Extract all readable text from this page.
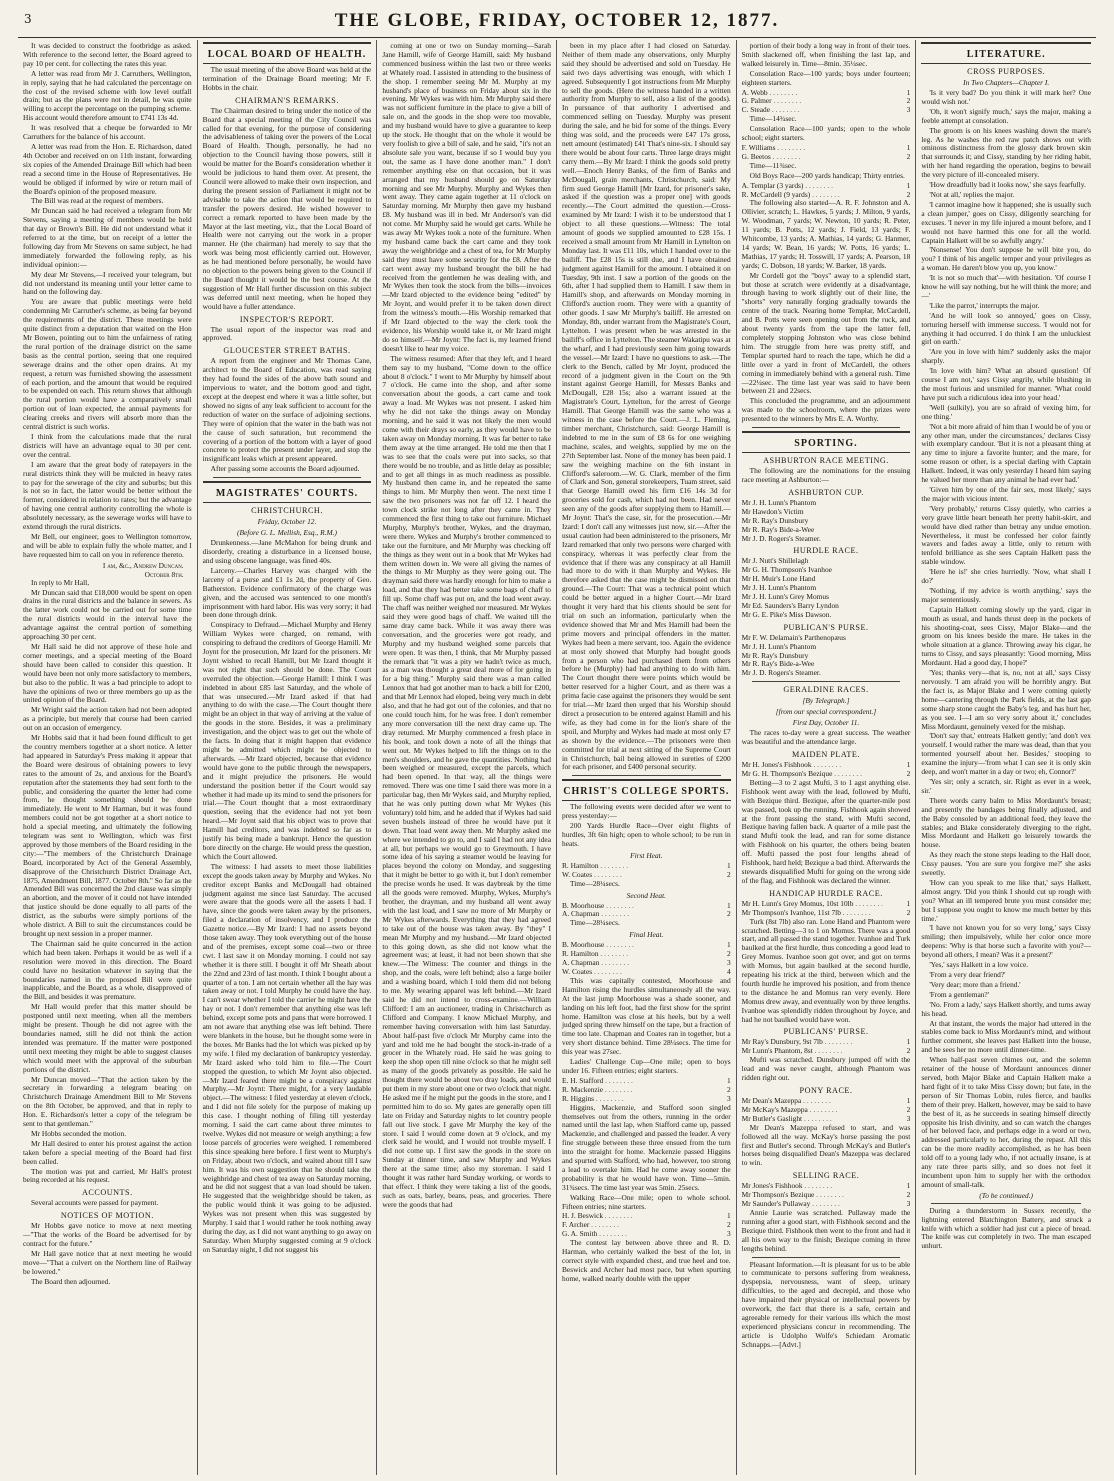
3	THE GLOBE, FRIDAY, OCTOBER 12, 1877.

It was decided to construct the footbridge as asked. With reference to the second letter, the Board agreed to pay 10 per cent. for collecting the rates this year.

A letter was read from Mr J. Carruthers, Wellington, in reply, saying that he had calculated the percentage on the cost of the revised scheme with low level outfall drain; but as the plans were not in detail, he was quite willing to accept the percentage on the pumping scheme. His account would therefore amount to £741 13s 4d.

It was resolved that a cheque be forwarded to Mr Carruthers for the balance of his account.

A letter was read from the Hon. E. Richardson, dated 4th October and received on on 11th instant, forwarding six copies of the Amended Drainage Bill which had been read a second time in the House of Representatives. He would be obliged if informed by wire or return mail of the Board's opinion of the proposed measure.

The Bill was read at the request of members.

Mr Duncan said he had received a telegram from Mr Stevens, saying a meeting of members would be held that day or Brown's Bill. He did not understand what it referred to at the time, but on receipt of a letter the following day from Mr Stevens on same subject, he had immediately forwarded the following reply, as his individual opinion:—

My dear Mr Stevens,—I received your telegram, but did not understand its meaning until your letter came to hand on the following day.

You are aware that public meetings were held condemning Mr Carruther's scheme, as being far beyond the requirements of the district. These meetings were quite distinct from a deputation that waited on the Hon Mr Bowen, pointing out to him the unfairness of rating the rural portion of the drainage district on the same basis as the central portion, seeing that one required sewerage drains and the other open drains. At my request, a return was furnished showing the assessment of each portion, and the amount that would be required to be expended on each. This return shows that although the rural portion would have a comparatively small portion out of loan expected, the annual payments for clearing creeks and rivers will absorb more than the central district is such works.

I think from the calculations made that the rural districts will have an advantage equal to 30 per cent. over the central.

I am aware that the great body of ratepayers in the rural districts think they will be mulcted in heavy rates to pay for the sewerage of the city and suburbs; but this is not so in fact, the latter would be better without the former, considered in relation to rates; but the advantage of having one central authority controlling the whole is absolutely necessary, as the sewerage works will have to extend through the rural districts.

Mr Bell, our engineer, goes to Wellington tomorrow, and will be able to explain fully the whole matter, and I have requested him to call on you in reference thereto.

I am, &c., Andrew Duncan.
October 8th.

In reply to Mr Hall,

Mr Duncan said that £18,000 would be spent on open drains in the rural districts and the balance in sewers. As the latter work could not be carried out for some time the rural districts would in the interval have the advantage against the central portion of something approaching 30 per cent.

Mr Hall said he did not approve of these hole and corner meetings, and a special meeting of the Board should have been called to consider this question. It would have been not only more satisfactory to members, but also to the public. It was a bad principle to adopt to have the opinions of two or three members go up as the united opinion of the Board.

Mr Wright said the action taken had not been adopted as a principle, but merely that course had been carried out on an occasion of emergency.

Mr Hobbs said that it had been found difficult to get the country members together at a short notice. A letter had appeared in Saturday's Press making it appear that the Board were desirous of obtaining powers to levy rates to the amount of 2s, and anxious for the Board's reputation after the statements they had sent forth to the public, and considering the quarter the letter had come from, he thought something should be done immediately. He went to Mr Harman, but it was found members could not be got together at a short notice to hold a special meeting, and ultimately the following telegram was sent to Wellington, which was first approved by those members of the Board residing in the city:—"The members of the Christchurch Drainage Board, incorporated by Act of the General Assembly, disapprove of the Christchurch District Drainage Act, 1875, Amendment Bill, 1877. October 8th." So far as the Amended Bill was concerned the 2nd clause was simply an abortion, and the mover of it could not have intended that justice should be done equally to all parts of the district, as the suburbs were simply portions of the whole district. A Bill to suit the circumstances could be brought up next session in a proper manner.

The Chairman said he quite concurred in the action which had been taken. Perhaps it would be as well if a resolution were moved in this direction. The Board could have no hesitation whatever in saying that the boundaries named in the proposed Bill were quite inapplicable, and the Board, as a whole, disapproved of the Bill, and besides it was premature.

Mr Hall would prefer that this matter should be postponed until next meeting, when all the members might be present. Though he did not agree with the boundaries named, still he did not think the action intended was premature. If the matter were postponed until next meeting they might be able to suggest clauses which would meet with the approval of the suburban portions of the district.

Mr Duncan moved—"That the action taken by the secretary in forwarding a telegram bearing on Christchurch Drainage Amendment Bill to Mr Stevens on the 8th October, be approved, and that in reply to Hon. E. Richardson's letter a copy of the telegram be sent to that gentleman."

Mr Hobbs seconded the motion.

Mr Hall desired to enter his protest against the action taken before a special meeting of the Board had first been called.

The motion was put and carried, Mr Hall's protest being recorded at his request.

ACCOUNTS.

Several accounts were passed for payment.

NOTICES OF MOTION.

Mr Hobbs gave notice to move at next meeting—"That the works of the Board be advertised for by contract for the future."

Mr Hall gave notice that at next meeting he would move—"That a culvert on the Northern line of Railway be lowered."

The Board then adjourned.

LOCAL BOARD OF HEALTH.

The usual meeting of the above Board was held at the termination of the Drainage Board meeting; Mr F. Hobbs in the chair.

CHAIRMAN'S REMARKS.

The Chairman desired to bring under the notice of the Board that a special meeting of the City Council was called for that evening, for the purpose of considering the advisableness of taking over the powers of the Local Board of Health. Though, personally, he had no objection to the Council having those powers, still it would be matter for the Board's consideration whether it would be judicious to hand them over. At present, the Council were allowed to make their own inspection, and during the present session of Parliament it might not be advisable to take the action that would be required to transfer the powers desired. He wished however to correct a remark reported to have been made by the Mayor at the last meeting, viz., that the Local Board of Health were not carrying out the work in a proper manner. He (the chairman) had merely to say that the work was being most efficiently carried out. However, as he had mentioned before personally, he would have no objection to the powers being given to the Council if the Board thought it would be the best course. At the suggestion of Mr Hall further discussion on this subject was deferred until next meeting, when he hoped they would have a fuller attendance.

INSPECTOR'S REPORT.

The usual report of the inspector was read and approved.

GLOUCESTER STREET BATHS.

A report from the engineer and Mr Thomas Cane, architect to the Board of Education, was read saying they had found the sides of the above bath sound and impervious to water, and the bottom good and tight, except at the deepest end where it was a little softer, but showed no signs of any leak sufficient to account for the reduction of water on the surface of adjoining sections. They were of opinion that the water in the bath was not the cause of such saturation, but recommend the covering of a portion of the bottom with a layer of good concrete to protect the present under layer, and stop the insignificant leaks which at present appeared.

After passing some accounts the Board adjourned.

MAGISTRATES' COURTS.
CHRISTCHURCH.
Friday, October 12.
(Before G. L. Mellish, Esq., R.M.)

Drunkenness.—Jane McMahon for being drunk and disorderly, creating a disturbance in a licensed house, and using obscene language, was fined 40s.

Larceny.—Charles Harvey was charged with the larceny of a purse and £1 1s 2d, the property of Geo. Batherston. Evidence confirmatory of the charge was given, and the accused was sentenced to one month's imprisonment with hard labor. His was very sorry; it had been done through drink.

Conspiracy to Defraud.—Michael Murphy and Henry William Wykes were charged, on remand, with conspiring to defraud the creditors of George Hamill. Mr Joynt for the prosecution, Mr Izard for the prisoners. Mr Joynt wished to recall Hamill, but Mr Izard thought it was not right that such should be done. The Court overruled the objection.—George Hamill: I think I was indebted in about £85 last Saturday, and the whole of that was unsecured.—Mr Izard asked if that had anything to do with the case.—The Court thought there might be an object in that way of arriving at the value of the goods in the store. Besides, it was a preliminary investigation, and the object was to get out the whole of the facts. In doing that it might happen that evidence might be admitted which might be objected to afterwards. —Mr Izard objected, because that evidence would have gone to the public through the newspapers, and it might prejudice the prisoners. He would understand the position better if the Court would say whether it had made up its mind to send the prisoners for trial.—The Court thought that a most extraordinary question, seeing that the evidence had not yet been heard.—Mr Joynt said that his object was to prove that Hamill had creditors, and was indebted so far as to justify his being made a bankrupt. Hence the question bore directly on the charge. He would press the question, which the Court allowed.

The witness: I had assets to meet those liabilities except the goods taken away by Murphy and Wykes. No creditor except Banks and McDougall had obtained judgment against me since last Saturday. The accused were aware that the goods were all the assets I had. I have, since the goods were taken away by the prisoners, filed a declaration of insolvency, and I produce the Gazette notice.—By Mr Izard: I had no assets beyond those taken away. They took everything out of the house and of the premises, except some coal—two or three cwt. I last saw it on Monday morning. I could not say whether it is there still. I bought it off Mr Sheath about the 22nd and 23rd of last month. I think I bought about a quarter of a ton. I am not certain whether all the hay was taken away or not. I told Murphy he could have the hay. I can't swear whether I told the carrier he might have the hay or not. I don't remember that anything else was left behind, except some pots and pans that were borrowed. I am not aware that anything else was left behind. There were blankets in the house, but he thought some were in the boxes. Mr Banks had the lot which was picked up by my wife. I filed my declaration of bankruptcy yesterday. Mr Izard asked who told him to file.—The Court stopped the question, to which Mr Joynt also objected.—Mr Izard feared there might be a conspiracy against Murphy.—Mr Joynt: There might, for a very laudable object.—The witness: I filed yesterday at eleven o'clock, and I did not file solely for the purpose of making up this case. I thought nothing of filing till yesterday morning. I said the cart came about three minutes to twelve. Wykes did not measure or weigh anything; a few loose parcels of groceries were weighed. I remembered this since speaking here before. I first went to Murphy's on Friday, about two o'clock, and waited about till I saw him. It was his own suggestion that he should take the weighbridge and chest of tea away on Saturday morning, and he did not suggest that a van load should be taken. He suggested that the weighbridge should be taken, as the public would think it was going to be adjusted. Wykes was not present when this was suggested by Murphy. I said that I would rather he took nothing away during the day, as I did not want anything to go away on Saturday. When Murphy suggested coming at 9 o'clock on Saturday night, I did not suggest his

coming at one or two on Sunday morning—Sarah Jane Hamill, wife of George Hamill, said: My husband commenced business within the last two or three weeks at Whately road. I assisted in attending to the business of the shop. I remember seeing Mr M. Murphy at my husband's place of business on Friday about six in the evening. Mr Wykes was with him. Mr Murphy said there was not sufficient furniture in the place to give a bill of sale on, and the goods in the shop were too movable, and my husband would have to give a guarantee to keep up the stock. He thought that on the whole it would be very foolish to give a bill of sale, and he said, "it's not an absolute sale you want, because if so I would buy you out, the same as I have done another man." I don't remember anything else on that occasion, but it was arranged that my husband should go on Saturday morning and see Mr Murphy. Murphy and Wykes then went away. They came again together at 11 o'clock on Saturday morning. Mr Murphy then gave my husband £8. My husband was ill in bed. Mr Anderson's van did not come. Mr Murphy said he would get carts. While he was away Mr Wykes took a note of the furniture. When my husband came back the cart came and they took away the weighbridge and a chest of tea, for Mr Murphy said they must have some security for the £8. After the cart went away my husband brought the bill he had received from the gentlemen he was dealing with, and Mr Wykes then took the stock from the bills—invoices—Mr Izard objected to the evidence being "edited" by Mr Joynt, and would prefer it to be taken down direct from the witness's mouth.—His Worship remarked that if Mr Izard objected to the way the clerk took the evidence, his Worship would take it, or Mr Izard might do so himself.—Mr Joynt: The fact is, my learned friend doesn't like to hear my voice.

The witness resumed: After that they left, and I heard them say to my husband, "Come down to the office about 8 o'clock." I went to Mr Murphy by himself about 7 o'clock. He came into the shop, and after some conversation about the goods, a cart came and took away a load. Mr Wykes was not present. I asked him why he did not take the things away on Monday morning, and he said it was not likely the men would come with their drays so early, as they would have to be taken away on Monday morning. It was far better to take them away at the time arranged. He told me then that I was to see that the coals were put into sacks, so that there would be no trouble, and as little delay as possible; and to get all things in as much readiness as possible. My husband then came in, and he repeated the same things to him. Mr Murphy then went. The next time I saw the two prisoners was not far off 12. I heard the town clock strike not long after they came in. They commenced the first thing to take out furniture. Michael Murphy, Murphy's brother, Wykes, and the drayman, were there. Wykes and Murphy's brother commenced to take out the furniture, and Mr Murphy was checking off the things as they went out in a book that Mr Wykes had them written down in. We were all giving the names of the things to Mr Murphy as they were going out. The drayman said there was hardly enough for him to make a load, and that they had better take some bags of chaff to fill up. Some chaff was put on, and the load went away. The chaff was neither weighed nor measured. Mr Wykes said they were good bags of chaff. We waited till the same dray came back. While it was away there was conversation, and the groceries were got ready, and Murphy and my husband weighed some parcels that were open. It was then, I think, that Mr Murphy passed the remark that "it was a pity we hadn't twice as much, as a man was thought a great deal more of for going in for a big thing." Murphy said there was a man called Lennox that had got another man to back a bill for £200, and that Mr Lennox had eloped, being very much in debt also, and that he had got out of the colonies, and that no one could touch him, for he was free. I don't remember any more conversation till the next dray came up. The dray returned. Mr Murphy commenced a fresh place in his book, and took down a note of all the things that went out. Mr Wykes helped to lift the things on to the men's shoulders, and he gave the quantities. Nothing had been weighed or measured, except the parcels, which had been opened. In that way, all the things were removed. There was one time I said there was more in a particular bag, then Mr Wykes said, and Murphy replied, that he was only putting down what Mr Wykes (his voluntary) told him, and he added that if Wykes had said seven bushels instead of three he would have put it down. That load went away then. Mr Murphy asked me where we intended to go to, and I said I had not any idea at all, but perhaps we would go to Greymouth. I have some idea of his saying a steamer would be leaving for places beyond the colony on Monday, and suggesting that it might be better to go with it, but I don't remember the precise words he used. It was daybreak by the time all the goods were removed. Murphy, Wykes, Murphy's brother, the drayman, and my husband all went away with the last load, and I saw no more of Mr Murphy or Mr Wykes afterwards. Everything that they had agreed to take out of the house was taken away. By "they" I mean Mr Murphy and my husband.—Mr Izard objected to this going down, as she did not know what the agreement was; at least, it had not been shown that she knew.—The Witness: The counter and things in the shop, and the coals, were left behind; also a large boiler and a washing board, which I told them did not belong to me. My wearing apparel was left behind.—Mr Izard said he did not intend to cross-examine.—William Clifford: I am an auctioneer, trading in Christchurch as Clifford and Company. I know Michael Murphy, and remember having conversation with him last Saturday. About half-past five o'clock Mr Murphy came into the yard and told me he had bought the stock-in-trade of a grocer in the Whately road. He said he was going to keep the shop open till nine o'clock so that he might sell as many of the goods privately as possible. He said he thought there would be about two dray loads, and would put them in my store about one or two o'clock that night. He asked me if he might put the goods in the store, and I permitted him to do so. My gates are generally open till late on Friday and Saturday nights to let country people fall out live stock. I gave Mr Murphy the key of the store. I said I would come down at 9 o'clock, and my clerk said he would, and I would not trouble myself. I did not come up. I first saw the goods in the store on Sunday at dinner time, and saw Murphy and Wykes there at the same time; also my storeman. I said I thought it was rather hard Sunday working, or words to that effect. I think they were taking a list of the goods, such as oats, barley, beans, peas, and groceries. There were the goods that had

been in my place after I had closed on Saturday. Neither of them made any observations, only Murphy said they should be advertised and sold on Tuesday. He said two days advertising was enough, with which I agreed. Subsequently I got instructions from Mr Murphy to sell the goods. (Here the witness handed in a written authority from Murphy to sell, also a list of the goods). In pursuance of that authority I advertised and commenced selling on Tuesday. Murphy was present during the sale, and he bid for some of the things. Every thing was sold, and the proceeds were £47 17s gross, nett amount (estimated) £41 That's nine-six. I should say there would be about four carts. Three large drays might carry them.—By Mr Izard: I think the goods sold pretty well.—Enoch Henry Banks, of the firm of Banks and McDougall, grain merchants, Christchurch, said: My firm sued George Hamill [Mr Izard, for prisoner's sake, asked if the question was a proper one] with goods recently.—The Court admitted the question.—Cross-examined by Mr Izard: I wish it to be understood that I object to all these questions.—Witness: The total amount of goods we supplied amounted to £28 15s. I received a small amount from Mr Hamill in Lyttelton on Monday last. It was £11 10s, which I handed over to the bailiff. The £28 15s is still due, and I have obtained judgment against Hamill for the amount. I obtained it on Tuesday, 9th inst. I saw a portion of the goods on the 6th, after I had supplied them to Hamill. I saw them in Hamill's shop, and afterwards on Monday morning in Clifford's auction room. They were with a quantity of other goods. I saw Mr Murphy's bailiff. He arrested on Monday, 8th, under warrant from the Magistrate's Court, Lyttelton. I was present when he was arrested in the bailiff's office in Lyttelton. The steamer Wakatipu was at the wharf, and I had previously seen him going towards the vessel.—Mr Izard: I have no questions to ask.—The clerk to the Bench, called by Mr Joynt, produced the record of a judgment given in the Court on the 9th instant against George Hamill, for Messrs Banks and McDougall, £28 15s; also a warrant issued at the Magistrate's Court, Lyttelton, for the arrest of George Hamill. That George Hamill was the same who was a witness in the case before the Court.—J. L. Fleming, timber merchant, Christchurch, said: George Hamill is indebted to me in the sum of £8 6s for one weighing machine, scales, and weights, supplied by me on the 27th September last. None of the money has been paid. I saw the weighing machine on the 6th instant in Clifford's saleroom.—W. G. Clark, member of the firm of Clark and Son, general storekeepers, Tuam street, said that George Hamill owed his firm £16 14s 3d for groceries sold for cash, which had not been. Had never seen any of the goods after supplying them to Hamill.—Mr Joynt: That's the case, sir, for the prosecution.—Mr Izard: I don't call any witnesses just now, sir.—After the usual caution had been administered to the prisoners, Mr Izard remarked that only two persons were charged with conspiracy, whereas it was perfectly clear from the evidence that if there was any conspiracy at all Hamill had more to do with it than Murphy and Wykes. He therefore asked that the case might be dismissed on that ground.—The Court: That was a technical point which could be better argued in a higher Court.—Mr Izard thought it very hard that his clients should be sent for trial on such an information, particularly when the evidence showed that Mr and Mrs Hamill had been the prime movers and principal offenders in the matter. Wykes had been a mere servant, too. Again the evidence at most only showed that Murphy had bought goods from a person who had purchased them from others before he (Murphy) had had anything to do with him. The Court thought there were points which would be better reserved for a higher Court, and as there was a prima facie case against the prisoners they would be sent for trial.—Mr Izard then urged that his Worship should direct a prosecution to be entered against Hamill and his wife, as they had come in for the lion's share of the spoil, and Murphy and Wykes had made at most only £7 as shown by the evidence.—The prisoners were then committed for trial at next sitting of the Supreme Court in Christchurch, bail being allowed in sureties of £200 for each prisoner, and £400 personal security.

CHRIST'S COLLEGE SPORTS.

The following events were decided after we went to press yesterday:—

200 Yards Hurdle Race—Over eight flights of hurdles, 3ft 6in high; open to whole school; to be run in heats.

First Heat.
R. Hamilton . . .	1
W. Coates . . .	2

Time—28¼secs.

Second Heat.
B. Moorhouse . . .	1
A. Chapman . . .	2

Time—28¼secs.

Final Heat.
B. Moorhouse . . .	1
R. Hamilton . . .	2
A. Chapman . . .	3
W. Coates . . .	4

This was capitally contested, Moorhouse and Hamilton rising the hurdles simultaneously all the way. At the last jump Moorhouse was a shade sooner, and landing on his left foot, had the first show for the sprint home. Hamilton was close at his heels, but by a well judged spring threw himself on the tape, but a fraction of time too late. Chapman and Coates ran in together, but a very short distance behind. Time 28¼secs. The time for this year was 27sec.

Ladies' Challenge Cup—One mile; open to boys under 16. Fifteen entries; eight starters.

E. H. Stafford . . .	1
R. Mackenzie . . .	2
R. Higgins . . .	3

Higgins, Mackenzie, and Stafford soon singled themselves out from the others, running in the order named until the last lap, when Stafford came up, passed Mackenzie, and challenged and passed the leader. A very fine struggle between these three ensued from the turn into the straight for home. Mackenzie passed Higgins and spurted with Stafford, who had, however, too strong a lead to overtake him. Had he come away sooner the probability is that he would have won. Time—5min. 31¾secs. The time last year was 5min. 25secs.

Walking Race—One mile; open to whole school. Fifteen entries; nine starters.

H. J. Beswick . . .	1
F. Archer . . .	2
G. A. Smith . . .	3

The contest lay between above three and R. D. Harman, who certainly walked the best of the lot, in correct style with expanded chest, and true heel and toe. Beswick and Archer had most pace, but when spurting home, walked nearly double with the upper

portion of their body a long way in front of their toes. Smith slackened off, when finishing the last lap, and walked leisurely in. Time—8min. 35¼sec.

Consolation Race—100 yards; boys under fourteen; eighteen starters.

A. Webb . . .	1
G. Palmer . . .	2
C. Steade . . .	3

Time—14¾sec.

Consolation Race—100 yards; open to the whole school; eight starters.

F. Williams . . .	1
G. Beetos . . .	2

Time—11¾sec.

Old Boys Race—200 yards handicap; Thirty entries.

A. Templar (3 yards) . . .	1
R. McCardell (9 yards) . . .	2

The following also started—A. R. F. Johnston and A. Ollivier, scratch; L. Hawkes, 5 yards; J. Milton, 9 yards, W. Woodman, 7 yards; W. Newton, 10 yards; R. Peter, 11 yards; B. Potts, 12 yards; J. Field, 13 yards; F. Whitcombe, 13 yards; A. Mathias, 14 yards; G. Hanmer, 14 yards; W. Bean, 16 yards; W. Potts, 16 yards; L. Mathias, 17 yards; H. Tosswill, 17 yards; A. Pearson, 18 yards; C. Dobson, 18 yards; W. Barker, 18 yards.

Mr Cordell got the "boys" away to a splendid start, but those at scratch were evidently at a disadvantage, through having to work slightly out of their line, the "shorts" very naturally forging gradually towards the centre of the track. Nearing home Templar, McCardell, and B. Potts were seen opening out from the ruck, and about twenty yards from the tape the latter fell, completely stopping Johnston who was close behind him. The struggle from here was pretty stiff, and Templar spurted hard to reach the tape, which he did a little over a yard in front of McCardell, the others coming in immediately behind with a general rush. Time—22¼sec. The time last year was said to have been between 21 and 22secs.

This concluded the programme, and an adjournment was made to the schoolroom, where the prizes were presented to the winners by Mrs E. A. Worthy.

SPORTING.
ASHBURTON RACE MEETING.

The following are the nominations for the ensuing race meeting at Ashburton:—

ASHBURTON CUP.
Mr J. H. Lunn's Phantom
Mr Hawdon's Victim
Mr R. Ray's Dunsbury
Mr R. Ray's Bide-a-Wee
Mr J. D. Rogers's Steamer.
HURDLE RACE.
Mr J. Nutt's Shillelagh
Mr G. H. Thompson's Ivanhoe
Mr H. Muir's Lone Hand
Mr J. H. Lunn's Phantom
Mr J. H. Lunn's Grey Momus
Mr Ed. Saunders's Barry Lyndon
Mr G. E. Pike's Miss Dawson.
PUBLICAN'S PURSE.
Mr F. W. Delamain's Parthenopæus
Mr J. H. Lunn's Phantom
Mr R. Ray's Dunsbury
Mr R. Ray's Bide-a-Wee
Mr J. D. Rogers's Steamer.
GERALDINE RACES.
[By Telegraph.]
[from our special correspondent.]
First Day, October 11.

The races to-day were a great success. The weather was beautiful and the attendance large.

MAIDEN PLATE.
Mr H. Jones's Fishhook . . .	1
Mr G. H. Thompson's Bezique . . .	2

Betting—3 to 2 agst Mufti, 3 to 1 agst anything else. Fishhook went away with the lead, followed by Mufti, with Bezique third. Bezique, after the quarter-mile post was passed, took up the running. Fishhook again showed at the front passing the stand, with Mufti second, Bezique having fallen back. A quarter of a mile past the stand Mufti took the lead, and ran for some distance with Fishhook on his quarter, the others being beaten off. Mufti passed the post four lengths ahead of Fishhook, hard held; Bezique a bad third. Afterwards the stewards disqualified Mufti for going on the wrong side of the flag, and Fishhook was declared the winner.

HANDICAP HURDLE RACE.
Mr H. Lunn's Grey Momus, 10st 10lb . . .	1
Mr Thompson's Ivanhoe, 11st 7lb . . .	2

Turk (8st 7lb) also ran. Lone Hand and Phantom were scratched. Betting—3 to 1 on Momus. There was a good start, and all passed the stand together. Ivanhoe and Turk baulked at the first hurdle, thus conceding a good lead to Grey Momus. Ivanhoe soon got over, and got on terms with Momus, but again baulked at the second hurdle, repeating his trick at the third, between which and the fourth hurdle he improved his position, and from thence to the distance he and Momus ran very evenly. Here Momus drew away, and eventually won by three lengths. Ivanhoe was splendidly ridden throughout by Joyce, and had he not baulked would have won.

PUBLICANS' PURSE.
Mr Ray's Dunsbury, 9st 7lb . . .	1
Mr Lunn's Phantom, 8st . . .	2

Mufti was scratched. Dunsbury jumped off with the lead and was never caught, although Phantom was ridden right out.

PONY RACE.
Mr Dean's Mazeppa . . .	1
Mr McKay's Mazeppa . . .	2
Mr Butler's Gaslight . . .	3

Mr Dean's Mazeppa refused to start, and was followed all the way. McKay's horse passing the post first and Butler's second. Through McKay's and Butler's horses being disqualified Dean's Mazeppa was declared to win.

SELLING RACE.
Mr Jones's Fishhook . . .	1
Mr Thompson's Bezique . . .	2
Mr Saunder's Pullaway . . .	3

Annie Laurie was scratched. Pullaway made the running after a good start, with Fishhook second and the Bezique third. Fishhook then went to the front and had it all his own way to the finish; Bezique coming in three lengths behind.

Pleasant Information.—It is pleasant for us to be able to communicate to persons suffering from weakness, dyspepsia, nervousness, want of sleep, urinary difficulties, to the aged and decrepid, and those who have impaired their physical or intellectual powers by overwork, the fact that there is a safe, certain and agreeable remedy for their various ills which the most experienced physicians concur in recommending. The article is Udolpho Wolfe's Schiedam Aromatic Schnapps.—[Advt.]

LITERATURE.
CROSS PURPOSES.
In Two Chapters—Chapter I.

'Is it very bad? Do you think it will mark her? One would wish not.'

'Oh, it won't signify much,' says the major, making a feeble attempt at consolation.

The groom is on his knees washing down the mare's leg. As he washes the red raw patch shows out with ominous distinctness from the glossy dark brown skin that surrounds it; and Cissy, standing by her riding habit, with her hand regarding the operation, begins to bewail the very picture of ill-concealed misery.

'How dreadfully bad it looks now,' she says fearfully.

'Not at all,' replies the major.

'I cannot imagine how it happened; she is usually such a clean jumper,' goes on Cissy, diligently searching for excuses. 'I never in my life injured a mount before, and I would not have harmed this one for all the world. Captain Halkett will be so awfully angry.'

'Nonsense! You don't suppose he will bite you, do you? I think of his angelic temper and your privileges as a woman. He daren't blow you up, you know.'

'It is not so much that'—with hesitation. 'Of course I know he will say nothing, but he will think the more; and—'

'Like the parrot,' interrupts the major.

'And he will look so annoyed,' goes on Cissy, torturing herself with immense success. 'I would not for anything it had occurred. I do think I am the unluckiest girl on earth.'

'Are you in love with him?' suddenly asks the major sharply.

'In love with him? What an absurd question! Of course I am not,' says Cissy angrily, while blushing in the most furious and unsmiled for manner. 'What could have put such a ridiculous idea into your head.'

'Well (sulkily), you are so afraid of vexing him, for one thing.'

'Not a bit more afraid of him than I would be of you or any other man, under the circumstances,' declares Cissy with exemplary candour. 'But it is not a pleasant thing at any time to injure a favorite hunter; and the mare, for some reason or other, is a special darling with Captain Halkett. Indeed, it was only yesterday I heard him saying he valued her more than any animal he had ever had.'

'Given him by one of the fair sex, most likely,' says the major with vicious intent.

'Very probably,' returns Cissy quietly, who carries a very grave little heart beneath her pretty habit-skirt, and would have died rather than betray any undue emotion. Nevertheless, it must be confessed her color faintly wavers and fades away a little, only to return with tenfold brilliance as she sees Captain Halkett pass the stable window.

'Here he is!' she cries hurriedly. 'Now, what shall I do?'

'Nothing, if my advice is worth anything,' says the major sententiously.

Captain Halkett coming slowly up the yard, cigar in mouth as usual, and hands thrust deep in the pockets of his shooting-coat, sees Cissy, Major Blake—and the groom on his knees beside the mare. He takes in the whole situation at a glance. Throwing away his cigar, he turns to Cissy, and says pleasantly: 'Good morning, Miss Mordaunt. Had a good day, I hope?'

'Yes; thanks very—that is, no, not at all,' says Cissy nervously. 'I am afraid you will be horribly angry. But the fact is, as Major Blake and I were coming quietly home—cantering through the Park fields, at the last gap some sharp stone caught the Baby's leg, and has hurt her, as you see. I—I am so very sorry about it,' concludes Miss Mordaunt, genuinely vexed for the mishap.

'Don't say that,' entreats Halkett gently; 'and don't vex yourself. I would rather the mare was dead, than that you tormented yourself about her. Besides,' stooping to examine the injury—'from what I can see it is only skin deep, and won't matter in a day or two; eh, Connor?'

'Yes sir; only a scratch, sir. Right as ever in a week, sir.'

There words carry balm to Miss Mordaunt's breast; and presently the bandages being finally adjusted, and the Baby consoled by an additional feed, they leave the stables; and Blake considerately diverging to the right, Miss Mordaunt and Halkett go leisurely towards the house.

As they reach the stone steps leading to the Hall door, Cissy pauses. 'You are sure you forgive me?' she asks sweetly.

'How can you speak to me like that,' says Halkett, almost angry. 'Did you think I should cut up rough with you? What an ill tempered brute you must consider me; but I suppose you ought to know me much better by this time.'

'I have not known you for so very long,' says Cissy smiling; then impulsively, while her color once more deepens: 'Why is that horse such a favorite with you?—beyond all others, I mean? Was it a present?'

'Yes,' says Halkett in a low voice.

'From a very dear friend?'

'Very dear; more than a friend.'

'From a gentleman?'

'No. From a lady,' says Halkett shortly, and turns away his head.

At that instant, the words the major had uttered in the stables come back to Miss Mordaunt's mind, and without further comment, she leaves past Halkett into the house, and he sees her no more until dinner-time.

When half-past seven chimes out, and the solemn retainer of the house of Mordaunt announces dinner served, both Major Blake and Captain Halkett make a hard fight of it to take Miss Cissy down; but fate, in the person of Sir Thomas Lobin, rules fierce, and baulks them of their prey. Halkett, however, may be said to have the best of it, as he succeeds in seating himself directly opposite his Irish divinity, and so can watch the changes of her beloved face, and perhaps edge in a word or two, addressed particularly to her, during the repast. All this can be the more readily accomplished, as he has been told off to a young lady who, if not actually insane, is at any rate three parts silly, and so does not feel it incumbent upon him to supply her with the orthodox amount of small-talk.

(To be continued.)

During a thunderstorm in Sussex recently, the lightning entered Blatchington Battery, and struck a knife with which a soldier had just cut a piece of bread. The knife was cut completely in two. The man escaped unhurt.
